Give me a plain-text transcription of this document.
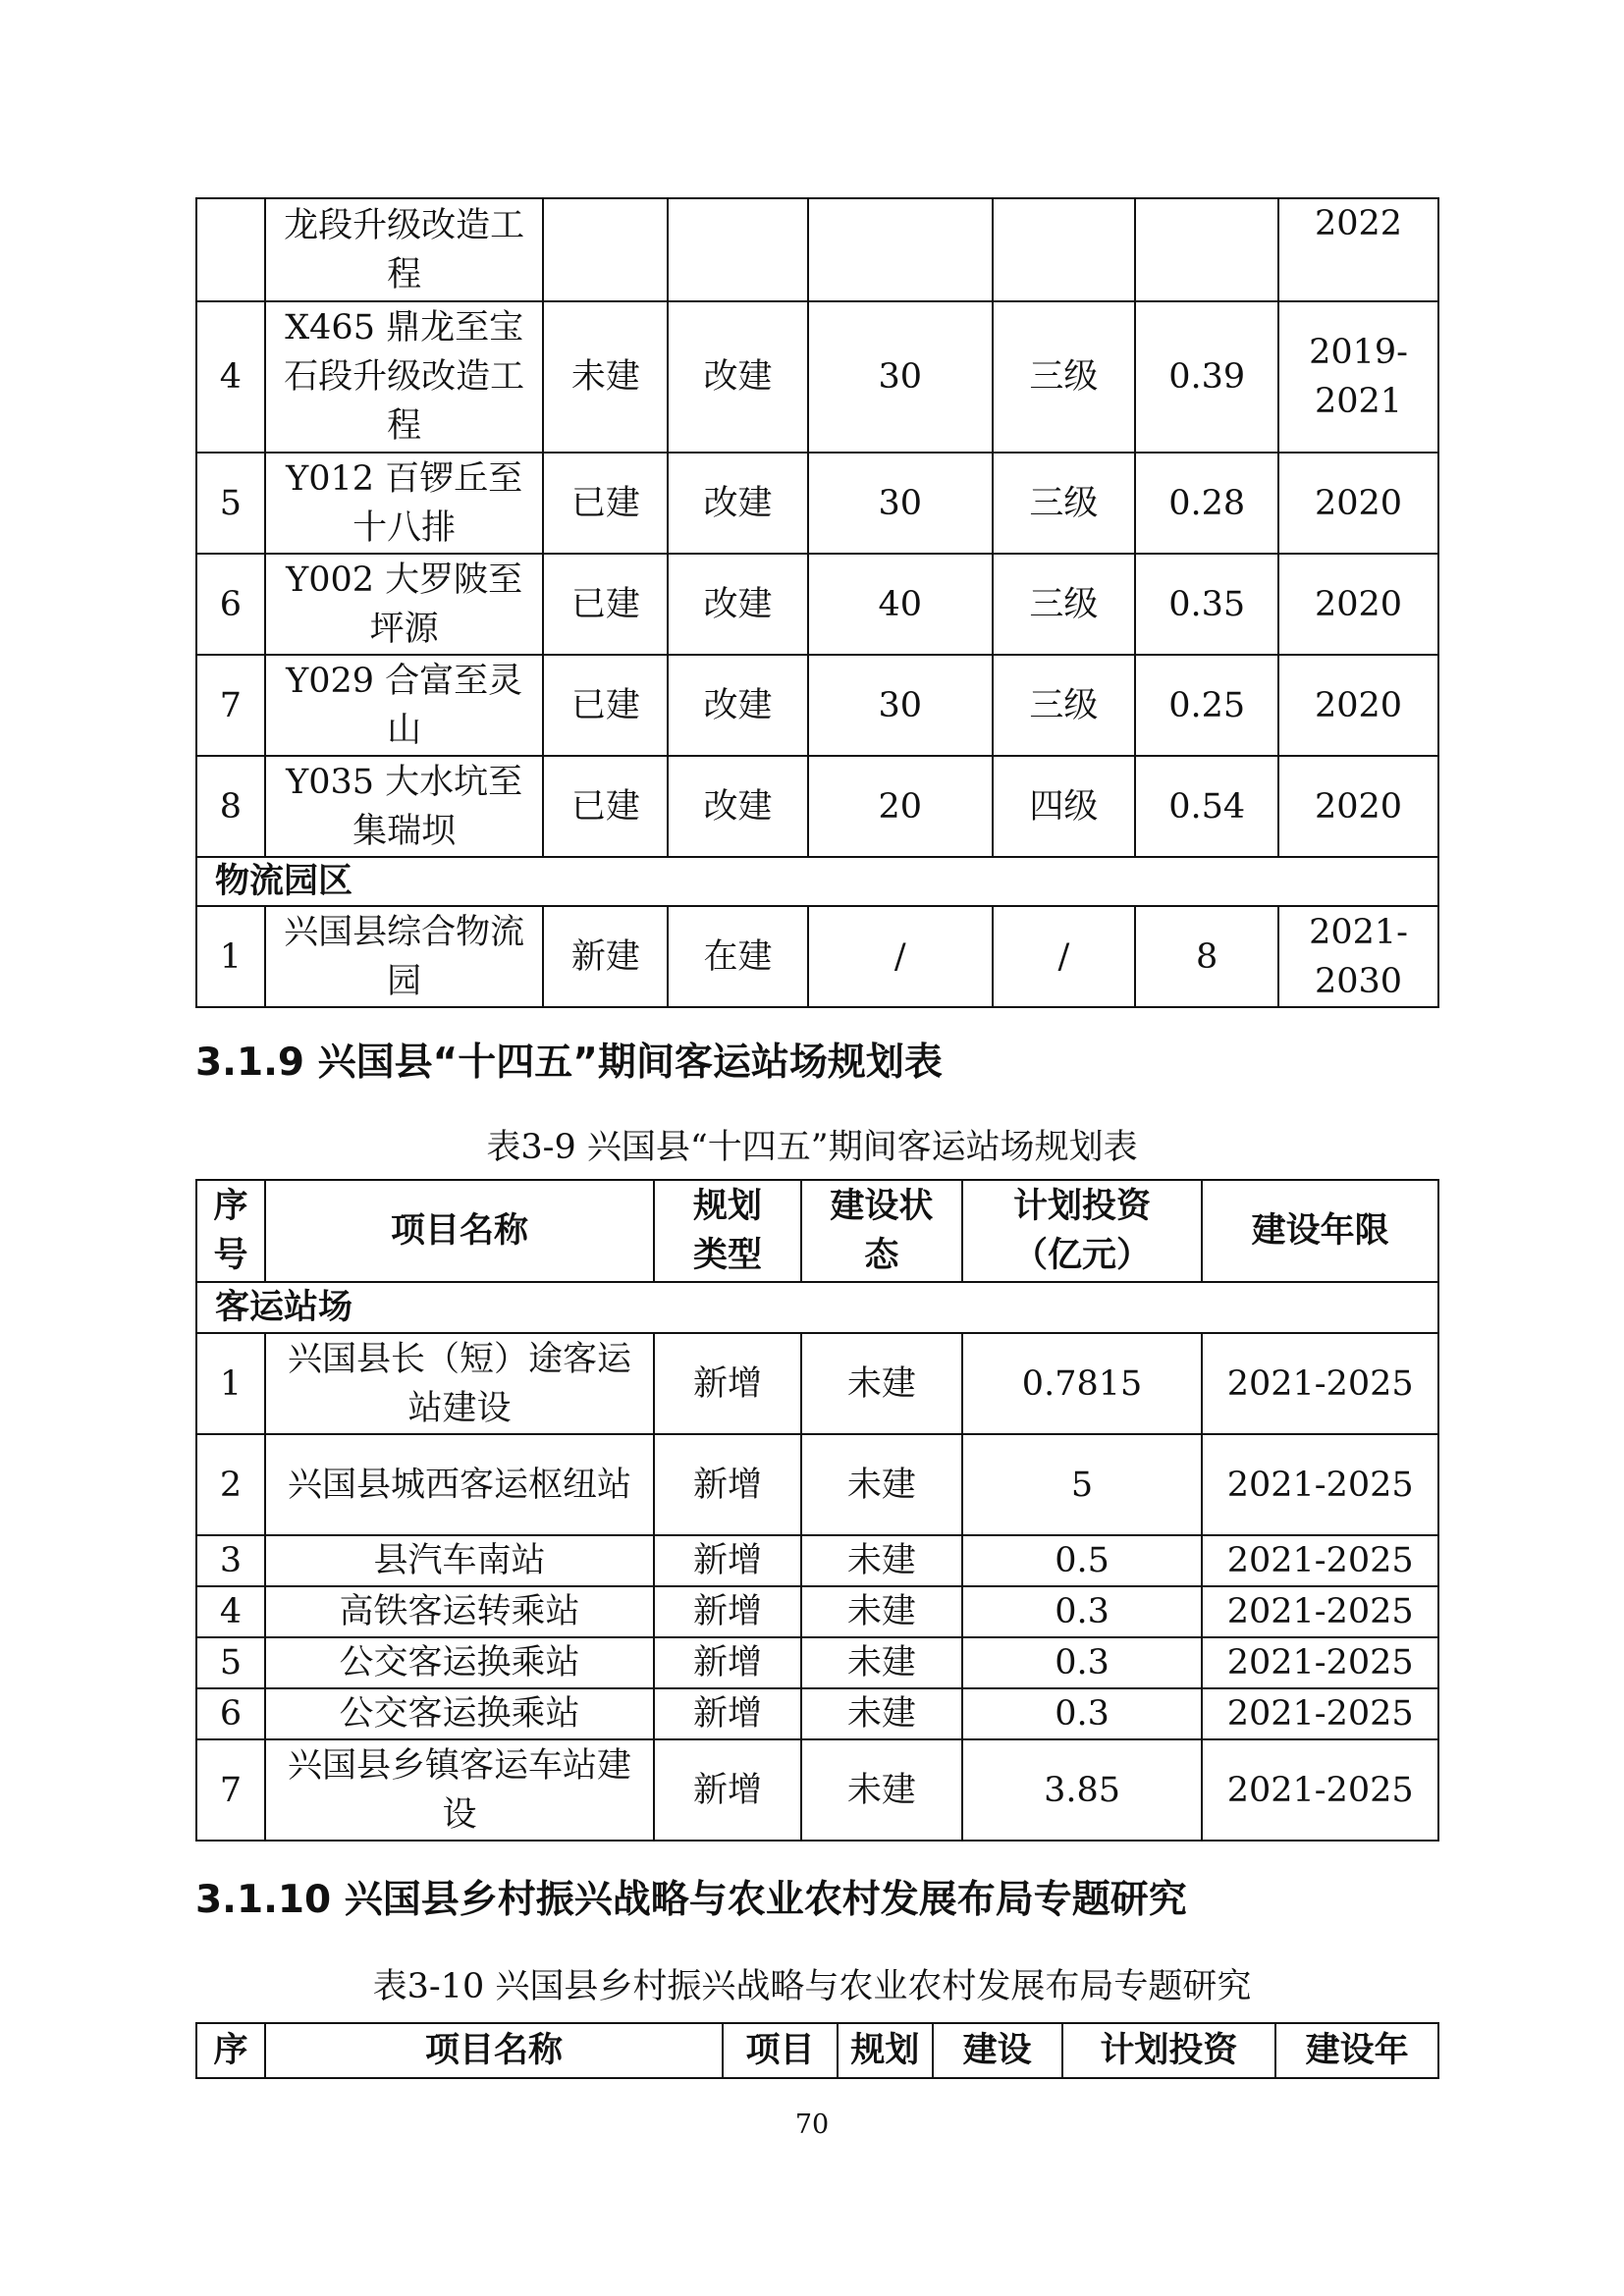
	龙段升级改造工程						2022
4	X465 鼎龙至宝石段升级改造工程	未建	改建	30	三级	0.39	2019-2021
5	Y012 百锣丘至十八排	已建	改建	30	三级	0.28	2020
6	Y002 大罗陂至坪源	已建	改建	40	三级	0.35	2020
7	Y029 合富至灵山	已建	改建	30	三级	0.25	2020
8	Y035 大水坑至集瑞坝	已建	改建	20	四级	0.54	2020
物流园区							
1	兴国县综合物流园	新建	在建	/	/	8	2021-2030
3.1.9 兴国县“十四五”期间客运站场规划表
表3-9 兴国县“十四五”期间客运站场规划表
序号	项目名称	规划类型	建设状态	计划投资（亿元）	建设年限
客运站场					
1	兴国县长（短）途客运站建设	新增	未建	0.7815	2021-2025
2	兴国县城西客运枢纽站	新增	未建	5	2021-2025
3	县汽车南站	新增	未建	0.5	2021-2025
4	高铁客运转乘站	新增	未建	0.3	2021-2025
5	公交客运换乘站	新增	未建	0.3	2021-2025
6	公交客运换乘站	新增	未建	0.3	2021-2025
7	兴国县乡镇客运车站建设	新增	未建	3.85	2021-2025
3.1.10 兴国县乡村振兴战略与农业农村发展布局专题研究
表3-10 兴国县乡村振兴战略与农业农村发展布局专题研究
序	项目名称	项目	规划	建设	计划投资	建设年
70
